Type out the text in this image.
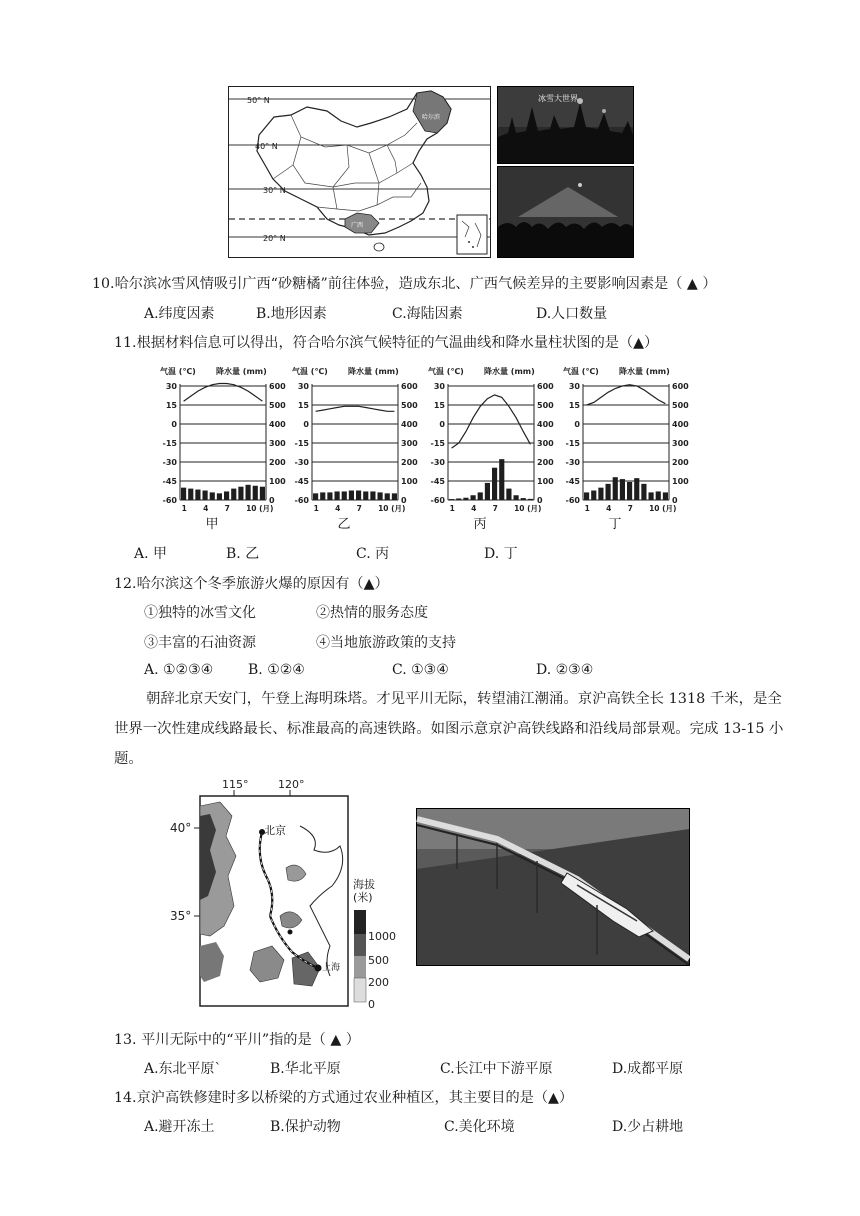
50° N
40° N
30° N
20° N
哈尔滨
广西
冰雪大世界
10.哈尔滨冰雪风情吸引广西“砂糖橘”前往体验，造成东北、广西气候差异的主要影响因素是（ ▲ ）
A.纬度因素	B.地形因素	C.海陆因素	D.人口数量
11.根据材料信息可以得出，符合哈尔滨气候特征的气温曲线和降水量柱状图的是（▲）
气温 (℃)	降水量 (mm)
30	600
15	500
0	400
-15	300
-30	200
-45	100
-60	0
1 4 7 10 (月)
甲
气温 (℃)	降水量 (mm)
30	600
15	500
0	400
-15	300
-30	200
-45	100
-60	0
1 4 7 10 (月)
乙
气温 (℃)	降水量 (mm)
30	600
15	500
0	400
-15	300
-30	200
-45	100
-60	0
1 4 7 10 (月)
丙
气温 (℃)	降水量 (mm)
30	600
15	500
0	400
-15	300
-30	200
-45	100
-60	0
1 4 7 10 (月)
丁
A. 甲	B. 乙	C. 丙	D. 丁
12.哈尔滨这个冬季旅游火爆的原因有（▲）
①独特的冰雪文化	②热情的服务态度
③丰富的石油资源	④当地旅游政策的支持
A. ①②③④ B. ①②④	C. ①③④	D. ②③④
朝辞北京天安门，午登上海明珠塔。才见平川无际，转望浦江潮涌。京沪高铁全长 1318 千米，是全世界一次性建成线路最长、标准最高的高速铁路。如图示意京沪高铁线路和沿线局部景观。完成 13-15 小题。
115°	120°
40°
35°
北京
上海
1000
500
200
0
海拔
(米)
13. 平川无际中的“平川”指的是（ ▲ ）
A.东北平原`	B.华北平原	C.长江中下游平原	D.成都平原
14.京沪高铁修建时多以桥梁的方式通过农业种植区，其主要目的是（▲）
A.避开冻土	B.保护动物	C.美化环境	D.少占耕地
